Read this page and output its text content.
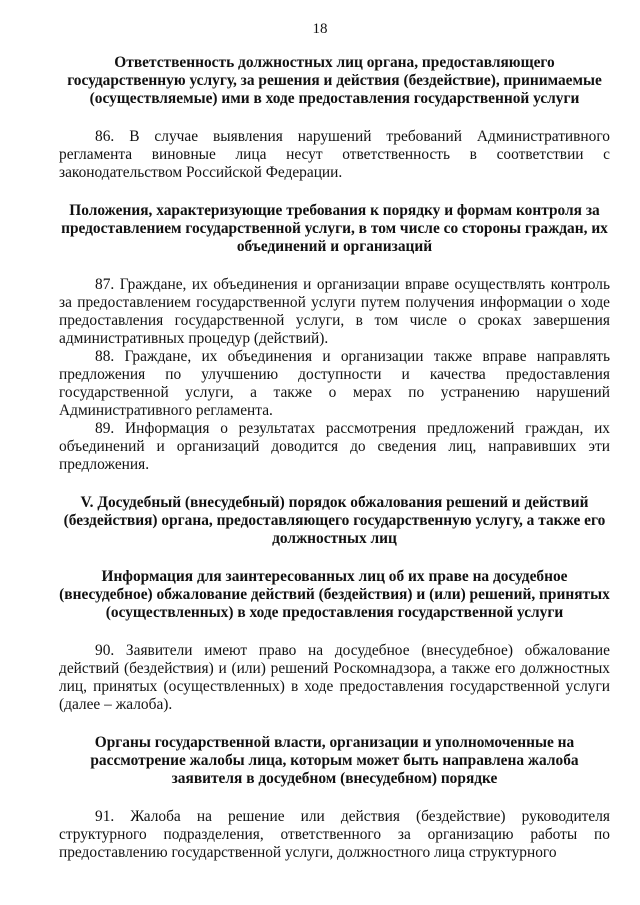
18
Ответственность должностных лиц органа, предоставляющего государственную услугу, за решения и действия (бездействие), принимаемые (осуществляемые) ими в ходе предоставления государственной услуги

86. В случае выявления нарушений требований Административного регламента виновные лица несут ответственность в соответствии с законодательством Российской Федерации.

Положения, характеризующие требования к порядку и формам контроля за предоставлением государственной услуги, в том числе со стороны граждан, их объединений и организаций

87. Граждане, их объединения и организации вправе осуществлять контроль за предоставлением государственной услуги путем получения информации о ходе предоставления государственной услуги, в том числе о сроках завершения административных процедур (действий).

88. Граждане, их объединения и организации также вправе направлять предложения по улучшению доступности и качества предоставления государственной услуги, а также о мерах по устранению нарушений Административного регламента.

89. Информация о результатах рассмотрения предложений граждан, их объединений и организаций доводится до сведения лиц, направивших эти предложения.

V. Досудебный (внесудебный) порядок обжалования решений и действий (бездействия) органа, предоставляющего государственную услугу, а также его должностных лиц
Информация для заинтересованных лиц об их праве на досудебное (внесудебное) обжалование действий (бездействия) и (или) решений, принятых (осуществленных) в ходе предоставления государственной услуги

90. Заявители имеют право на досудебное (внесудебное) обжалование действий (бездействия) и (или) решений Роскомнадзора, а также его должностных лиц, принятых (осуществленных) в ходе предоставления государственной услуги (далее – жалоба).

Органы государственной власти, организации и уполномоченные на рассмотрение жалобы лица, которым может быть направлена жалоба заявителя в досудебном (внесудебном) порядке

91. Жалоба на решение или действия (бездействие) руководителя структурного подразделения, ответственного за организацию работы по предоставлению государственной услуги, должностного лица структурного
